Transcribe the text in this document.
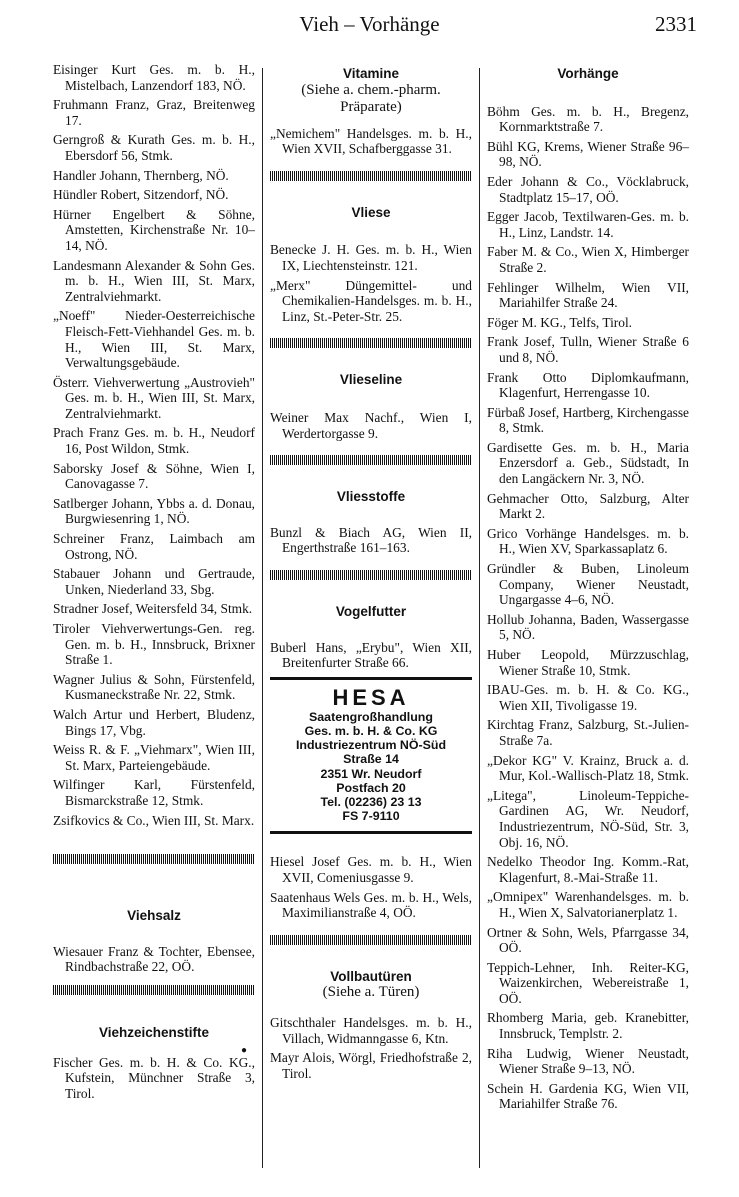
Vieh – Vorhänge	2331
Eisinger Kurt Ges. m. b. H., Mistelbach, Lanzendorf 183, NÖ.
Fruhmann Franz, Graz, Breitenweg 17.
Gerngroß & Kurath Ges. m. b. H., Ebersdorf 56, Stmk.
Handler Johann, Thernberg, NÖ.
Hündler Robert, Sitzendorf, NÖ.
Hürner Engelbert & Söhne, Amstetten, Kirchenstraße Nr. 10–14, NÖ.
Landesmann Alexander & Sohn Ges. m. b. H., Wien III, St. Marx, Zentralviehmarkt.
„Noeff" Nieder-Oesterreichische Fleisch-Fett-Viehhandel Ges. m. b. H., Wien III, St. Marx, Verwaltungsgebäude.
Österr. Viehverwertung „Austrovieh" Ges. m. b. H., Wien III, St. Marx, Zentralviehmarkt.
Prach Franz Ges. m. b. H., Neudorf 16, Post Wildon, Stmk.
Saborsky Josef & Söhne, Wien I, Canovagasse 7.
Satlberger Johann, Ybbs a. d. Donau, Burgwiesenring 1, NÖ.
Schreiner Franz, Laimbach am Ostrong, NÖ.
Stabauer Johann und Gertraude, Unken, Niederland 33, Sbg.
Stradner Josef, Weitersfeld 34, Stmk.
Tiroler Viehverwertungs-Gen. reg. Gen. m. b. H., Innsbruck, Brixner Straße 1.
Wagner Julius & Sohn, Fürstenfeld, Kusmaneckstraße Nr. 22, Stmk.
Walch Artur und Herbert, Bludenz, Bings 17, Vbg.
Weiss R. & F. „Viehmarx", Wien III, St. Marx, Parteiengebäude.
Wilfinger Karl, Fürstenfeld, Bismarckstraße 12, Stmk.
Zsifkovics & Co., Wien III, St. Marx.
Viehsalz
Wiesauer Franz & Tochter, Ebensee, Rindbachstraße 22, OÖ.
Viehzeichenstifte
●
Fischer Ges. m. b. H. & Co. KG., Kufstein, Münchner Straße 3, Tirol.
Vitamine
(Siehe a. chem.-pharm. Präparate)
„Nemichem" Handelsges. m. b. H., Wien XVII, Schafberggasse 31.
Vliese
Benecke J. H. Ges. m. b. H., Wien IX, Liechtensteinstr. 121.
„Merx" Düngemittel- und Chemikalien-Handelsges. m. b. H., Linz, St.-Peter-Str. 25.
Vlieseline
Weiner Max Nachf., Wien I, Werdertorgasse 9.
Vliesstoffe
Bunzl & Biach AG, Wien II, Engerthstraße 161–163.
Vogelfutter
Buberl Hans, „Erybu", Wien XII, Breitenfurter Straße 66.
HESA
Saatengroßhandlung
Ges. m. b. H. & Co. KG
Industriezentrum NÖ-Süd
Straße 14
2351 Wr. Neudorf
Postfach 20
Tel. (02236) 23 13
FS 7-9110
Hiesel Josef Ges. m. b. H., Wien XVII, Comeniusgasse 9.
Saatenhaus Wels Ges. m. b. H., Wels, Maximilianstraße 4, OÖ.
Vollbautüren
(Siehe a. Türen)
Gitschthaler Handelsges. m. b. H., Villach, Widmanngasse 6, Ktn.
Mayr Alois, Wörgl, Friedhofstraße 2, Tirol.
Vorhänge
Böhm Ges. m. b. H., Bregenz, Kornmarktstraße 7.
Bühl KG, Krems, Wiener Straße 96–98, NÖ.
Eder Johann & Co., Vöcklabruck, Stadtplatz 15–17, OÖ.
Egger Jacob, Textilwaren-Ges. m. b. H., Linz, Landstr. 14.
Faber M. & Co., Wien X, Himberger Straße 2.
Fehlinger Wilhelm, Wien VII, Mariahilfer Straße 24.
Föger M. KG., Telfs, Tirol.
Frank Josef, Tulln, Wiener Straße 6 und 8, NÖ.
Frank Otto Diplomkaufmann, Klagenfurt, Herrengasse 10.
Fürbaß Josef, Hartberg, Kirchengasse 8, Stmk.
Gardisette Ges. m. b. H., Maria Enzersdorf a. Geb., Südstadt, In den Langäckern Nr. 3, NÖ.
Gehmacher Otto, Salzburg, Alter Markt 2.
Grico Vorhänge Handelsges. m. b. H., Wien XV, Sparkassaplatz 6.
Gründler & Buben, Linoleum Company, Wiener Neustadt, Ungargasse 4–6, NÖ.
Hollub Johanna, Baden, Wassergasse 5, NÖ.
Huber Leopold, Mürzzuschlag, Wiener Straße 10, Stmk.
IBAU-Ges. m. b. H. & Co. KG., Wien XII, Tivoligasse 19.
Kirchtag Franz, Salzburg, St.-Julien-Straße 7a.
„Dekor KG" V. Krainz, Bruck a. d. Mur, Kol.-Wallisch-Platz 18, Stmk.
„Litega", Linoleum-Teppiche-Gardinen AG, Wr. Neudorf, Industriezentrum, NÖ-Süd, Str. 3, Obj. 16, NÖ.
Nedelko Theodor Ing. Komm.-Rat, Klagenfurt, 8.-Mai-Straße 11.
„Omnipex" Warenhandelsges. m. b. H., Wien X, Salvatorianerplatz 1.
Ortner & Sohn, Wels, Pfarrgasse 34, OÖ.
Teppich-Lehner, Inh. Reiter-KG, Waizenkirchen, Webereistraße 1, OÖ.
Rhomberg Maria, geb. Kranebitter, Innsbruck, Templstr. 2.
Riha Ludwig, Wiener Neustadt, Wiener Straße 9–13, NÖ.
Schein H. Gardenia KG, Wien VII, Mariahilfer Straße 76.
